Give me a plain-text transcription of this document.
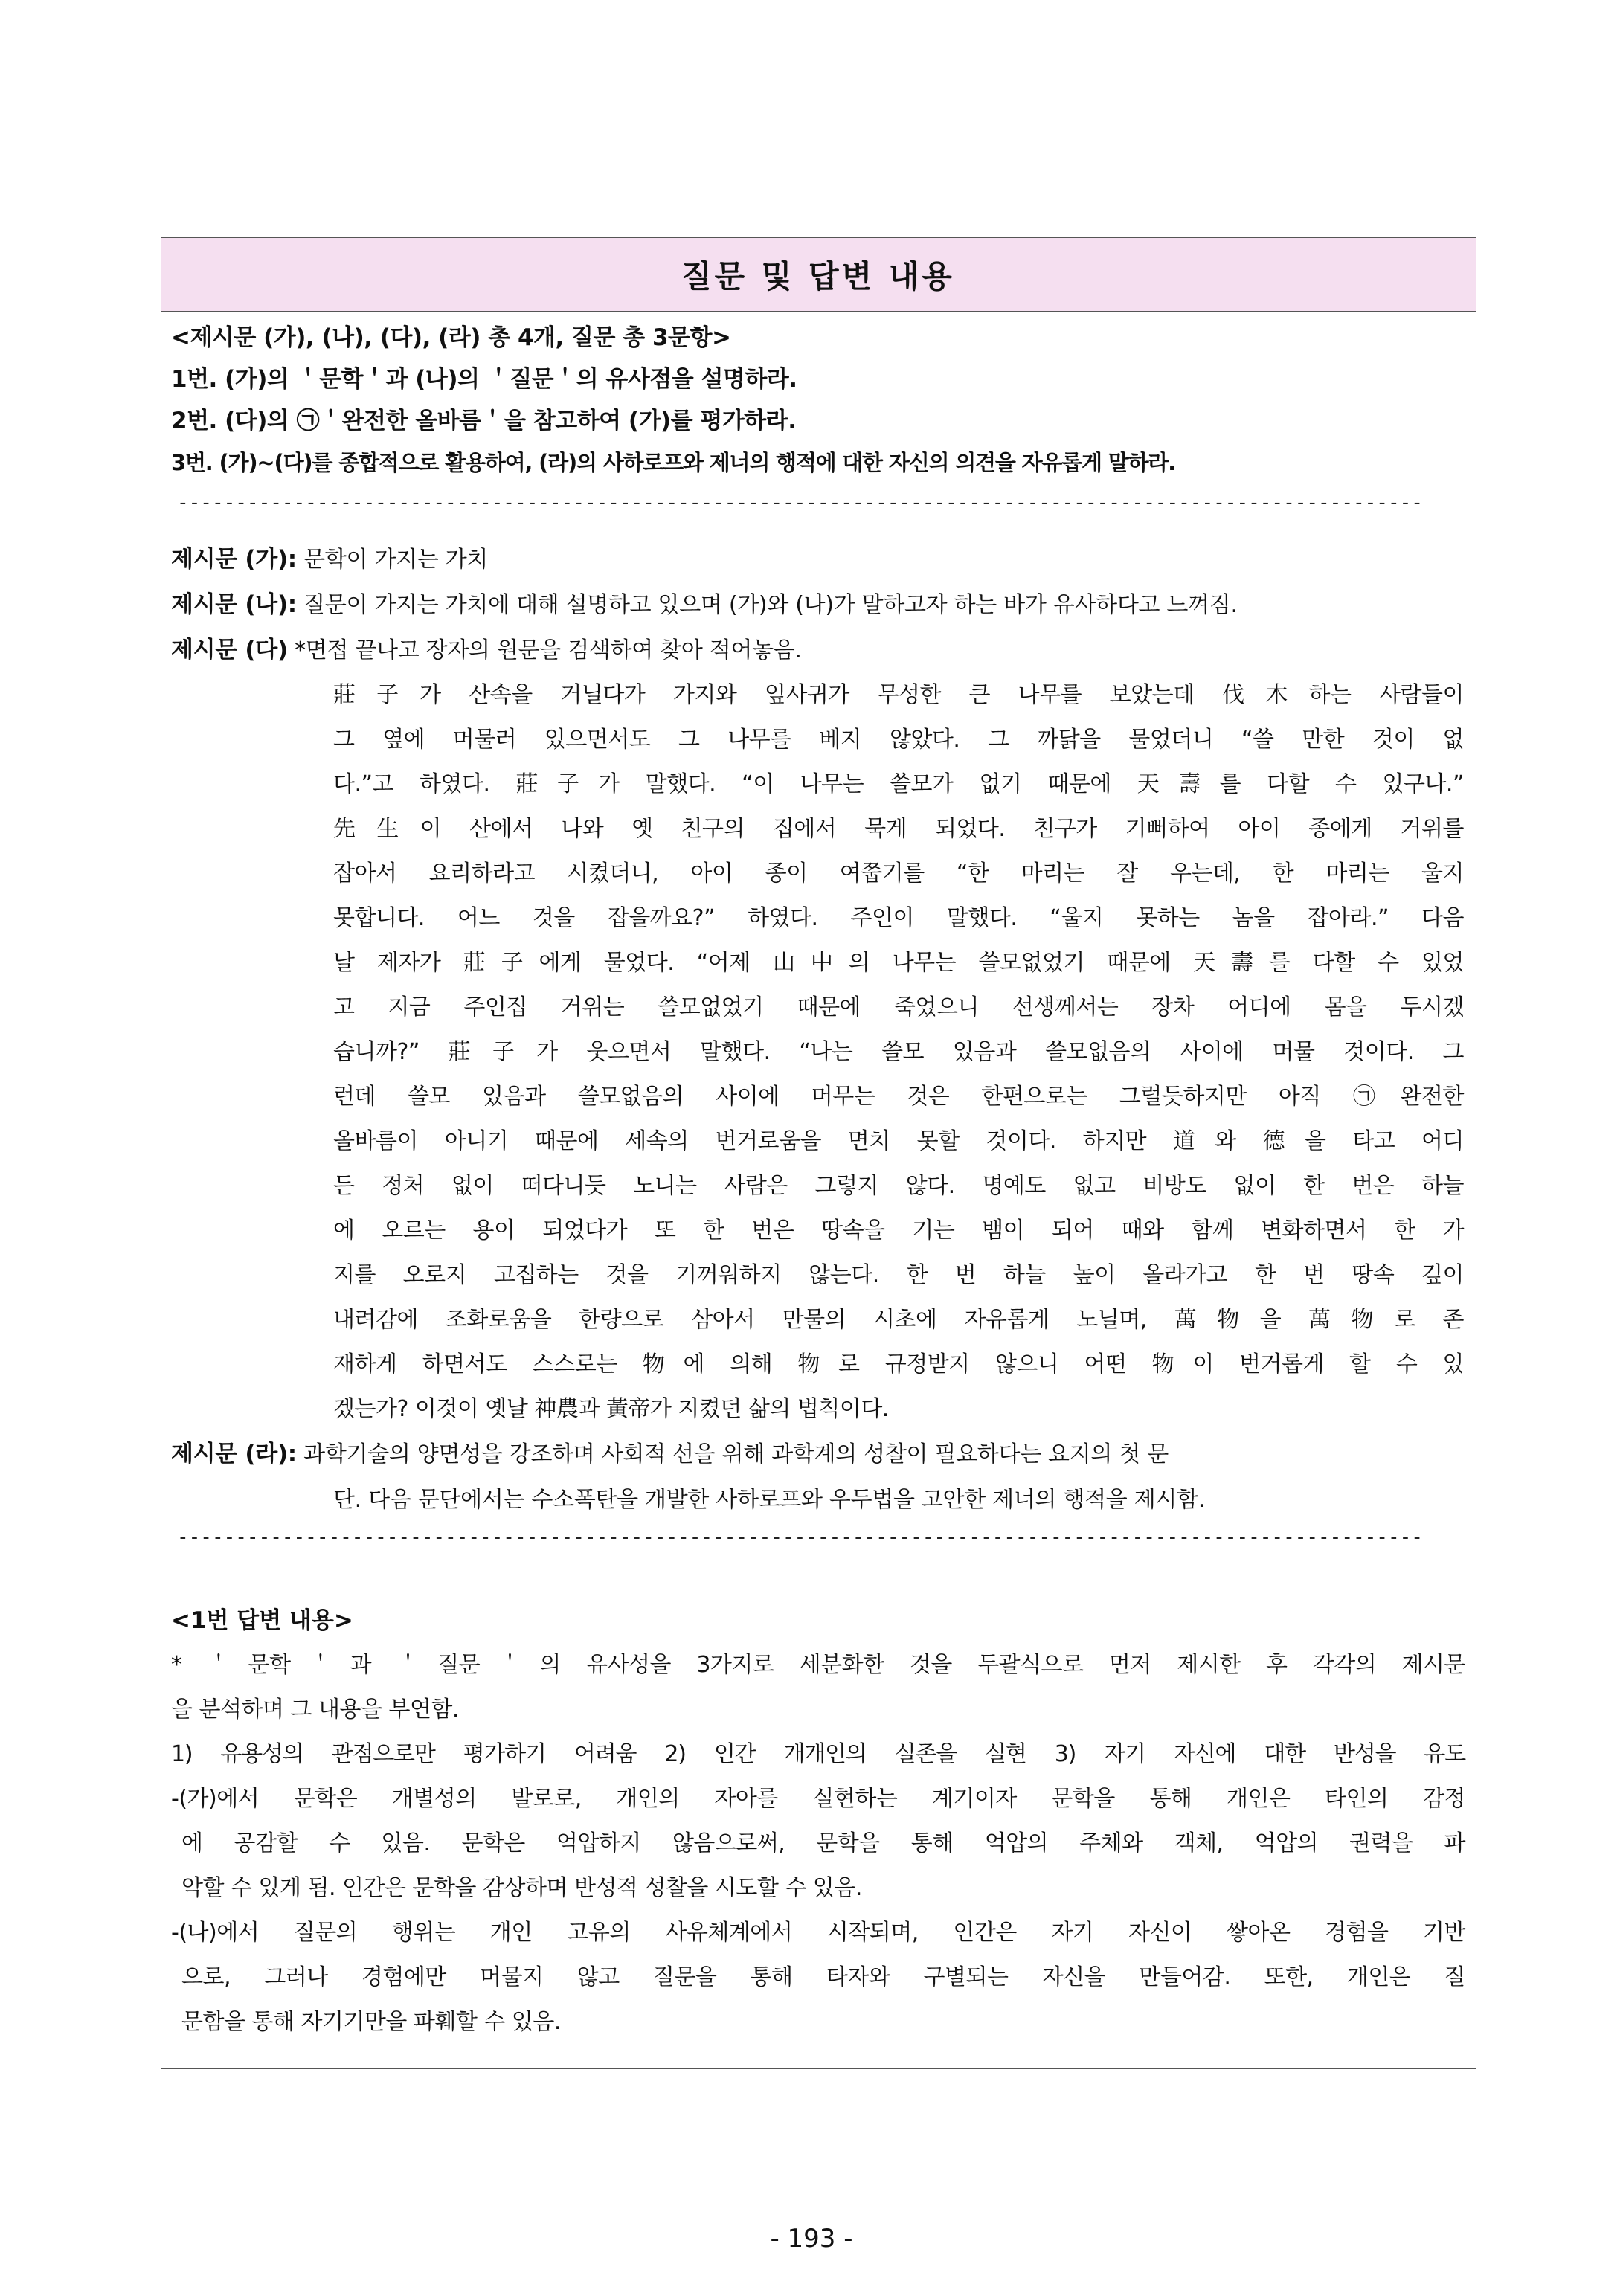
질문 및 답변 내용
<제시문 (가), (나), (다), (라) 총 4개, 질문 총 3문항>
1번. (가)의 ＇문학＇과 (나)의 ＇질문＇의 유사점을 설명하라.
2번. (다)의 ㉠＇완전한 올바름＇을 참고하여 (가)를 평가하라.
3번. (가)~(다)를 종합적으로 활용하여, (라)의 사하로프와 제너의 행적에 대한 자신의 의견을 자유롭게 말하라.
-----------------------------------------------------------------------------------------------------------
제시문 (가): 문학이 가지는 가치
제시문 (나): 질문이 가지는 가치에 대해 설명하고 있으며 (가)와 (나)가 말하고자 하는 바가 유사하다고 느껴짐.
제시문 (다) *면접 끝나고 장자의 원문을 검색하여 찾아 적어놓음.
莊子가 산속을 거닐다가 가지와 잎사귀가 무성한 큰 나무를 보았는데 伐木하는 사람들이
그 옆에 머물러 있으면서도 그 나무를 베지 않았다. 그 까닭을 물었더니 “쓸 만한 것이 없
다.”고 하였다. 莊子가 말했다. “이 나무는 쓸모가 없기 때문에 天壽를 다할 수 있구나.”
先生이 산에서 나와 옛 친구의 집에서 묵게 되었다. 친구가 기뻐하여 아이 종에게 거위를
잡아서 요리하라고 시켰더니, 아이 종이 여쭙기를 “한 마리는 잘 우는데, 한 마리는 울지
못합니다. 어느 것을 잡을까요?” 하였다. 주인이 말했다. “울지 못하는 놈을 잡아라.” 다음
날 제자가 莊子에게 물었다. “어제 山中의 나무는 쓸모없었기 때문에 天壽를 다할 수 있었
고 지금 주인집 거위는 쓸모없었기 때문에 죽었으니 선생께서는 장차 어디에 몸을 두시겠
습니까?” 莊子가 웃으면서 말했다. “나는 쓸모 있음과 쓸모없음의 사이에 머물 것이다. 그
런데 쓸모 있음과 쓸모없음의 사이에 머무는 것은 한편으로는 그럴듯하지만 아직 ㉠완전한
올바름이 아니기 때문에 세속의 번거로움을 면치 못할 것이다. 하지만 道와 德을 타고 어디
든 정처 없이 떠다니듯 노니는 사람은 그렇지 않다. 명예도 없고 비방도 없이 한 번은 하늘
에 오르는 용이 되었다가 또 한 번은 땅속을 기는 뱀이 되어 때와 함께 변화하면서 한 가
지를 오로지 고집하는 것을 기꺼워하지 않는다. 한 번 하늘 높이 올라가고 한 번 땅속 깊이
내려감에 조화로움을 한량으로 삼아서 만물의 시초에 자유롭게 노닐며, 萬物을 萬物로 존
재하게 하면서도 스스로는 物에 의해 物로 규정받지 않으니 어떤 物이 번거롭게 할 수 있
겠는가? 이것이 옛날 神農과 黃帝가 지켰던 삶의 법칙이다.
제시문 (라): 과학기술의 양면성을 강조하며 사회적 선을 위해 과학계의 성찰이 필요하다는 요지의 첫 문
단. 다음 문단에서는 수소폭탄을 개발한 사하로프와 우두법을 고안한 제너의 행적을 제시함.
-----------------------------------------------------------------------------------------------------------
<1번 답변 내용>
* ＇문학＇과 ＇질문＇의 유사성을 3가지로 세분화한 것을 두괄식으로 먼저 제시한 후 각각의 제시문
을 분석하며 그 내용을 부연함.
1) 유용성의 관점으로만 평가하기 어려움 2) 인간 개개인의 실존을 실현 3) 자기 자신에 대한 반성을 유도
-(가)에서 문학은 개별성의 발로로, 개인의 자아를 실현하는 계기이자 문학을 통해 개인은 타인의 감정
에 공감할 수 있음. 문학은 억압하지 않음으로써, 문학을 통해 억압의 주체와 객체, 억압의 권력을 파
악할 수 있게 됨. 인간은 문학을 감상하며 반성적 성찰을 시도할 수 있음.
-(나)에서 질문의 행위는 개인 고유의 사유체계에서 시작되며, 인간은 자기 자신이 쌓아온 경험을 기반
으로, 그러나 경험에만 머물지 않고 질문을 통해 타자와 구별되는 자신을 만들어감. 또한, 개인은 질
문함을 통해 자기기만을 파훼할 수 있음.
- 193 -
